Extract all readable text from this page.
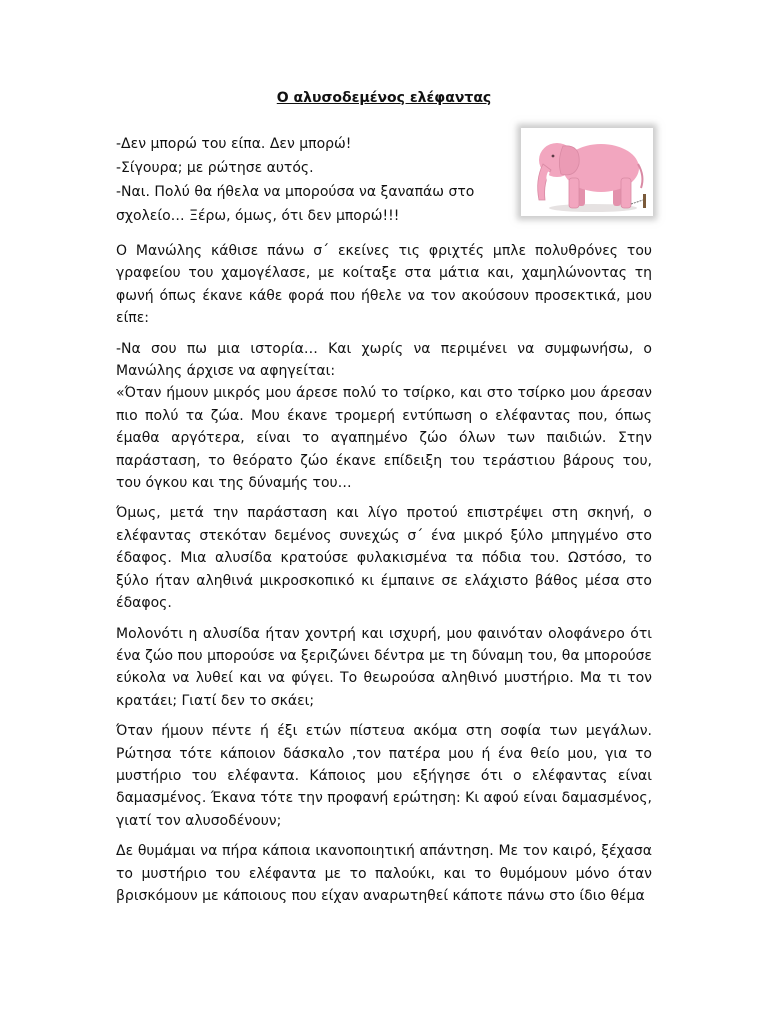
Ο αλυσοδεμένος ελέφαντας

-Δεν μπορώ του είπα. Δεν μπορώ!

-Σίγουρα; με ρώτησε αυτός.

-Ναι. Πολύ θα ήθελα να μπορούσα να ξαναπάω στο

σχολείο… Ξέρω, όμως, ότι δεν μπορώ!!!

Ο Μανώλης κάθισε πάνω σ΄ εκείνες τις φριχτές μπλε πολυθρόνες του γραφείου του χαμογέλασε, με κοίταξε στα μάτια και, χαμηλώνοντας τη φωνή όπως έκανε κάθε φορά που ήθελε να τον ακούσουν προσεκτικά, μου είπε:

-Να σου πω μια ιστορία… Και χωρίς να περιμένει να συμφωνήσω, ο Μανώλης άρχισε να αφηγείται:

«Όταν ήμουν μικρός μου άρεσε πολύ το τσίρκο, και στο τσίρκο μου άρεσαν πιο πολύ τα ζώα. Μου έκανε τρομερή εντύπωση ο ελέφαντας που, όπως έμαθα αργότερα, είναι το αγαπημένο ζώο όλων των παιδιών. Στην παράσταση, το θεόρατο ζώο έκανε επίδειξη του τεράστιου βάρους του, του όγκου και της δύναμής του…

Όμως, μετά την παράσταση και λίγο προτού επιστρέψει στη σκηνή, ο ελέφαντας στεκόταν δεμένος συνεχώς σ΄ ένα μικρό ξύλο μπηγμένο στο έδαφος. Μια αλυσίδα κρατούσε φυλακισμένα τα πόδια του. Ωστόσο, το ξύλο ήταν αληθινά μικροσκοπικό κι έμπαινε σε ελάχιστο βάθος μέσα στο έδαφος.

Μολονότι η αλυσίδα ήταν χοντρή και ισχυρή, μου φαινόταν ολοφάνερο ότι ένα ζώο που μπορούσε να ξεριζώνει δέντρα με τη δύναμη του, θα μπορούσε εύκολα να λυθεί και να φύγει. Το θεωρούσα αληθινό μυστήριο. Μα τι τον κρατάει; Γιατί δεν το σκάει;

Όταν ήμουν πέντε ή έξι ετών πίστευα ακόμα στη σοφία των μεγάλων. Ρώτησα τότε κάποιον δάσκαλο ,τον πατέρα μου ή ένα θείο μου, για το μυστήριο του ελέφαντα. Κάποιος μου εξήγησε ότι ο ελέφαντας είναι δαμασμένος. Έκανα τότε την προφανή ερώτηση: Κι αφού είναι δαμασμένος, γιατί τον αλυσοδένουν;

Δε θυμάμαι να πήρα κάποια ικανοποιητική απάντηση. Με τον καιρό, ξέχασα το μυστήριο του ελέφαντα με το παλούκι, και το θυμόμουν μόνο όταν βρισκόμουν με κάποιους που είχαν αναρωτηθεί κάποτε πάνω στο ίδιο θέμα
